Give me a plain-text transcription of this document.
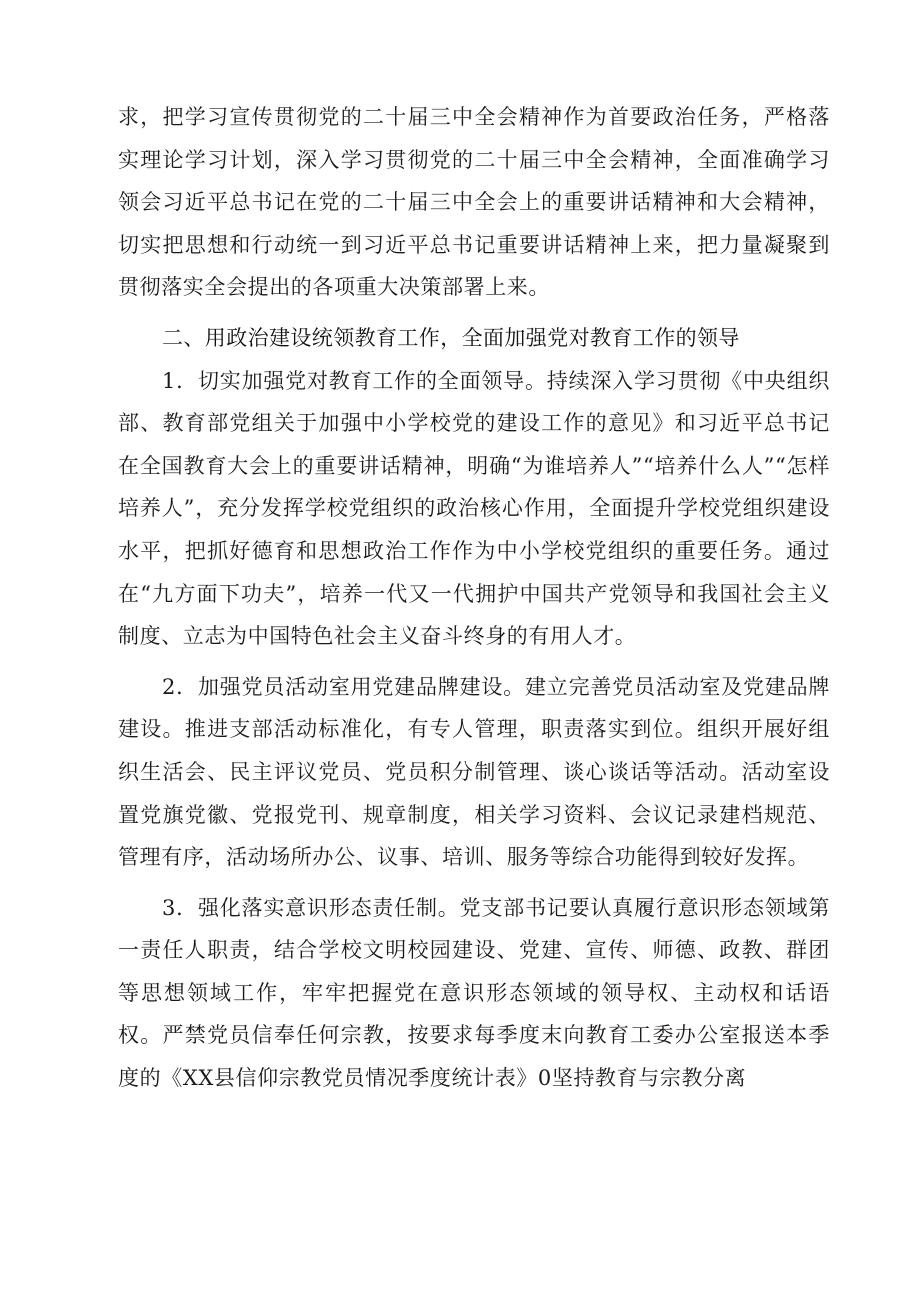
求，把学习宣传贯彻党的二十届三中全会精神作为首要政治任务，严格落实理论学习计划，深入学习贯彻党的二十届三中全会精神，全面准确学习领会习近平总书记在党的二十届三中全会上的重要讲话精神和大会精神，切实把思想和行动统一到习近平总书记重要讲话精神上来，把力量凝聚到贯彻落实全会提出的各项重大决策部署上来。

二、用政治建设统领教育工作，全面加强党对教育工作的领导

1．切实加强党对教育工作的全面领导。持续深入学习贯彻《中央组织部、教育部党组关于加强中小学校党的建设工作的意见》和习近平总书记在全国教育大会上的重要讲话精神，明确“为谁培养人”“培养什么人”“怎样培养人”，充分发挥学校党组织的政治核心作用，全面提升学校党组织建设水平，把抓好德育和思想政治工作作为中小学校党组织的重要任务。通过在“九方面下功夫”，培养一代又一代拥护中国共产党领导和我国社会主义制度、立志为中国特色社会主义奋斗终身的有用人才。

2．加强党员活动室用党建品牌建设。建立完善党员活动室及党建品牌建设。推进支部活动标准化，有专人管理，职责落实到位。组织开展好组织生活会、民主评议党员、党员积分制管理、谈心谈话等活动。活动室设置党旗党徽、党报党刊、规章制度，相关学习资料、会议记录建档规范、管理有序，活动场所办公、议事、培训、服务等综合功能得到较好发挥。

3．强化落实意识形态责任制。党支部书记要认真履行意识形态领域第一责任人职责，结合学校文明校园建设、党建、宣传、师德、政教、群团等思想领域工作，牢牢把握党在意识形态领域的领导权、主动权和话语权。严禁党员信奉任何宗教，按要求每季度末向教育工委办公室报送本季度的《XX县信仰宗教党员情况季度统计表》0坚持教育与宗教分离
